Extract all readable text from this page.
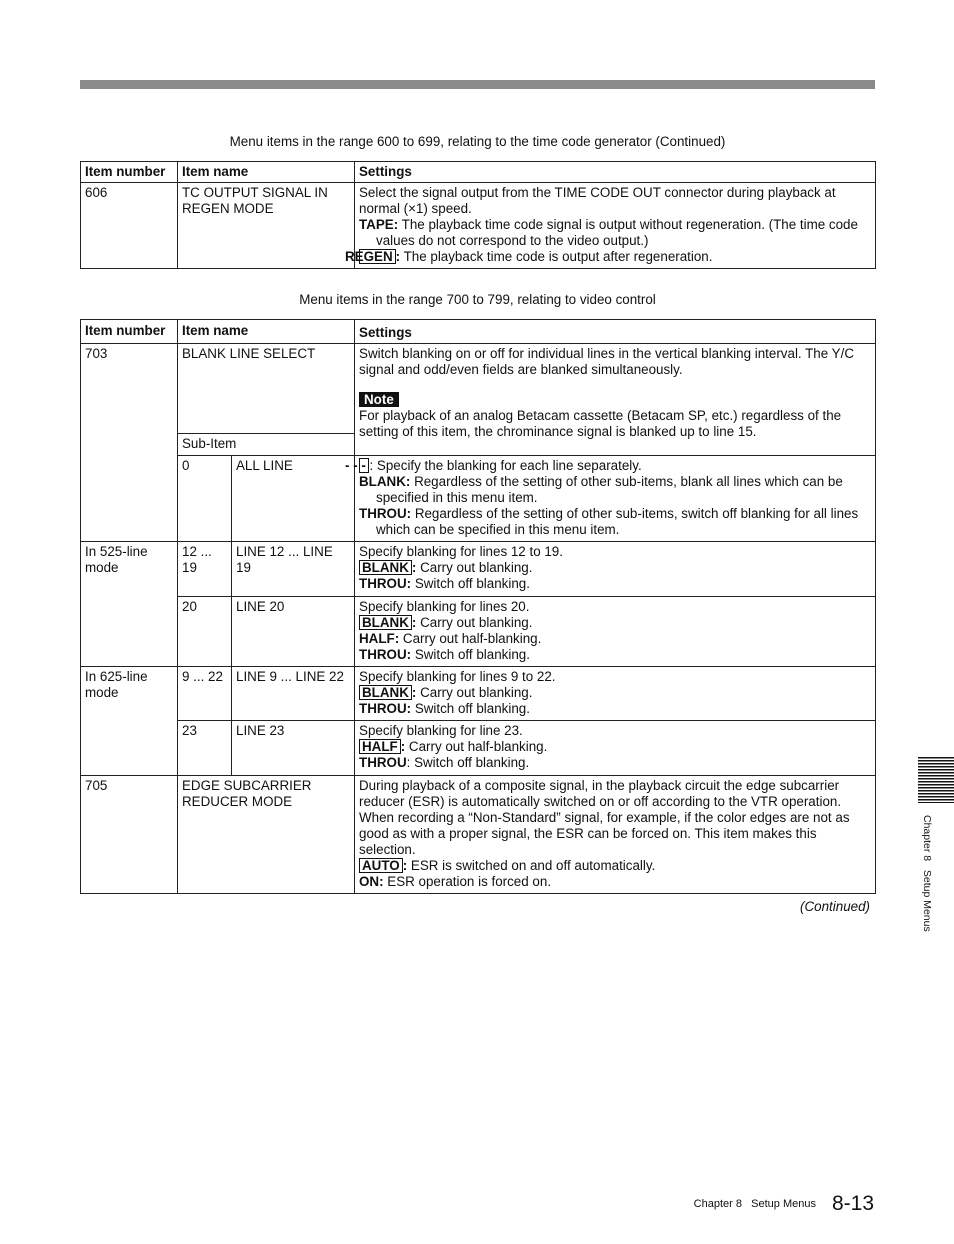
Menu items in the range 600 to 699, relating to the time code generator (Continued)
Item number	Item name	Settings
606	TC OUTPUT SIGNAL IN REGEN MODE	Select the signal output from the TIME CODE OUT connector during playback at normal (×1) speed.
TAPE: The playback time code signal is output without regeneration. (The time code values do not correspond to the video output.)
REGEN : The playback time code is output after regeneration.
Menu items in the range 700 to 799, relating to video control
Item number	Item name		Settings
703	BLANK LINE SELECT		Switch blanking on or off for individual lines in the vertical blanking interval. The Y/C signal and odd/even fields are blanked simultaneously.
Note
For playback of an analog Betacam cassette (Betacam SP, etc.) regardless of the setting of this item, the chrominance signal is blanked up to line 15.

	Sub-Item		
	0	ALL LINE	- - - : Specify the blanking for each line separately.
BLANK: Regardless of the setting of other sub-items, blank all lines which can be specified in this menu item.
THROU: Regardless of the setting of other sub-items, switch off blanking for all lines which can be specified in this menu item.

In 525-line mode	12 ... 19	LINE 12 ... LINE 19	Specify blanking for lines 12 to 19.
BLANK : Carry out blanking.
THROU: Switch off blanking.

	20	LINE 20	Specify blanking for lines 20.
BLANK : Carry out blanking.
HALF: Carry out half-blanking.
THROU: Switch off blanking.

In 625-line mode	9 ... 22	LINE 9 ... LINE 22	Specify blanking for lines 9 to 22.
BLANK : Carry out blanking.
THROU: Switch off blanking.

	23	LINE 23	Specify blanking for line 23.
HALF : Carry out half-blanking.
THROU: Switch off blanking.

705	EDGE SUBCARRIER REDUCER MODE		During playback of a composite signal, in the playback circuit the edge subcarrier reducer (ESR) is automatically switched on or off according to the VTR operation. When recording a “Non-Standard” signal, for example, if the color edges are not as good as with a proper signal, the ESR can be forced on. This item makes this selection.
AUTO : ESR is switched on and off automatically.
ON: ESR operation is forced on.
(Continued)	Chapter 8   Setup Menus
$^{Chapter 8 Setup Menus}$ 8-13
